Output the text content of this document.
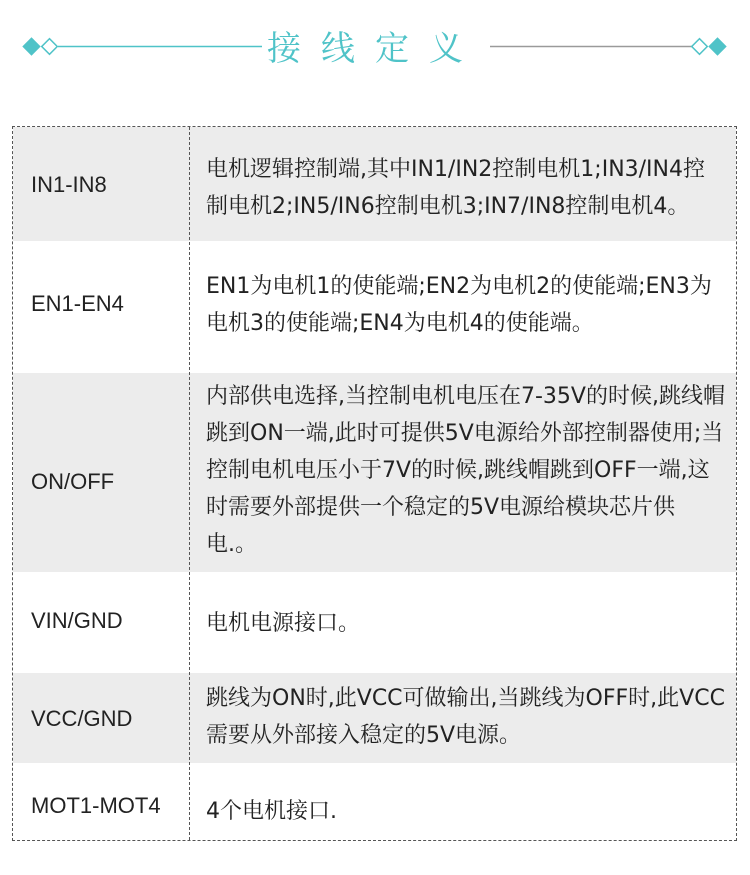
接线定义
IN1-IN8
电机逻辑控制端,其中IN1/IN2控制电机1;IN3/IN4控制电机2;IN5/IN6控制电机3;IN7/IN8控制电机4。
EN1-EN4
EN1为电机1的使能端;EN2为电机2的使能端;EN3为电机3的使能端;EN4为电机4的使能端。
ON/OFF
内部供电选择,当控制电机电压在7-35V的时候,跳线帽跳到ON一端,此时可提供5V电源给外部控制器使用;当控制电机电压小于7V的时候,跳线帽跳到OFF一端,这时需要外部提供一个稳定的5V电源给模块芯片供电.。
VIN/GND	电机电源接口。
VCC/GND
跳线为ON时,此VCC可做输出,当跳线为OFF时,此VCC需要从外部接入稳定的5V电源。
MOT1-MOT4	4个电机接口.
